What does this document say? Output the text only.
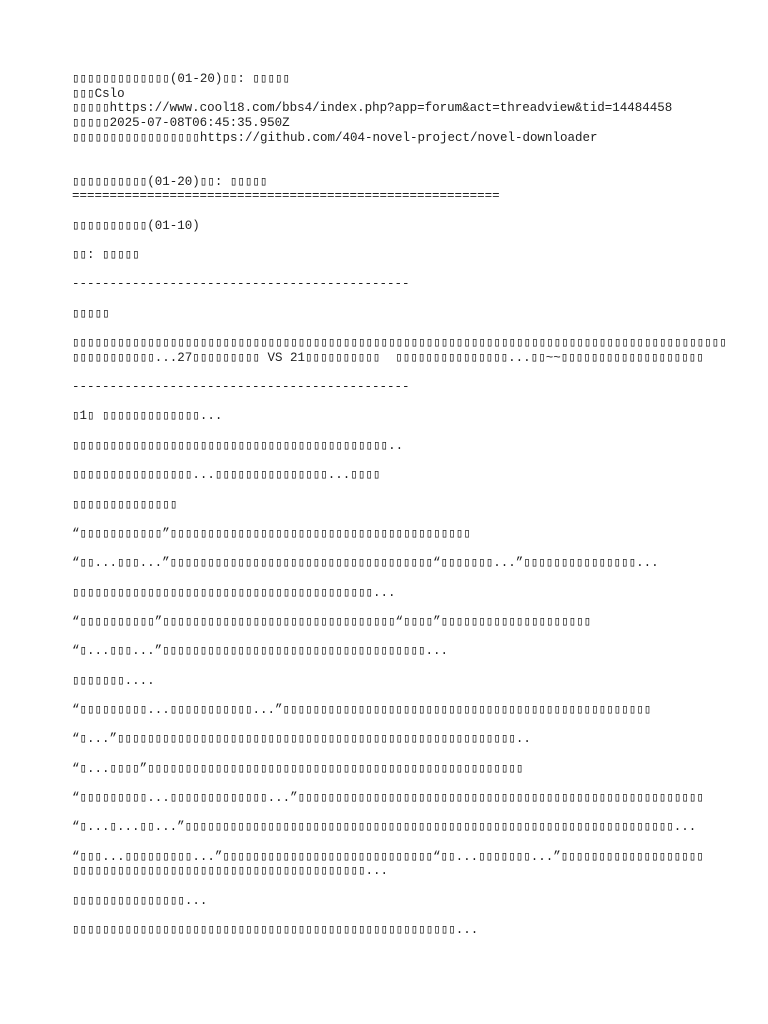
▯▯▯▯▯▯▯▯▯▯▯▯▯(01-20)▯▯: ▯▯▯▯▯
▯▯▯Cslo
▯▯▯▯▯https://www.cool18.com/bbs4/index.php?app=forum&act=threadview&tid=14484458
▯▯▯▯▯2025-07-08T06:45:35.950Z
▯▯▯▯▯▯▯▯▯▯▯▯▯▯▯▯▯https://github.com/404-novel-project/novel-downloader
▯▯▯▯▯▯▯▯▯▯(01-20)▯▯: ▯▯▯▯▯
=========================================================
▯▯▯▯▯▯▯▯▯▯(01-10)
▯▯: ▯▯▯▯▯
---------------------------------------------
▯▯▯▯▯
▯▯▯▯▯▯▯▯▯▯▯▯▯▯▯▯▯▯▯▯▯▯▯▯▯▯▯▯▯▯▯▯▯▯▯▯▯▯▯▯▯▯▯▯▯▯▯▯▯▯▯▯▯▯▯▯▯▯▯▯▯▯▯▯▯▯▯▯▯▯▯▯▯▯▯▯▯▯▯▯▯▯▯▯▯▯▯
▯▯▯▯▯▯▯▯▯▯▯...27▯▯▯▯▯▯▯▯▯ VS 21▯▯▯▯▯▯▯▯▯▯  ▯▯▯▯▯▯▯▯▯▯▯▯▯▯▯...▯▯~~▯▯▯▯▯▯▯▯▯▯▯▯▯▯▯▯▯▯▯
---------------------------------------------
▯1▯ ▯▯▯▯▯▯▯▯▯▯▯▯▯...
▯▯▯▯▯▯▯▯▯▯▯▯▯▯▯▯▯▯▯▯▯▯▯▯▯▯▯▯▯▯▯▯▯▯▯▯▯▯▯▯▯▯..
▯▯▯▯▯▯▯▯▯▯▯▯▯▯▯▯...▯▯▯▯▯▯▯▯▯▯▯▯▯▯▯...▯▯▯▯
▯▯▯▯▯▯▯▯▯▯▯▯▯▯
“▯▯▯▯▯▯▯▯▯▯▯”▯▯▯▯▯▯▯▯▯▯▯▯▯▯▯▯▯▯▯▯▯▯▯▯▯▯▯▯▯▯▯▯▯▯▯▯▯▯▯▯
“▯▯...▯▯▯...”▯▯▯▯▯▯▯▯▯▯▯▯▯▯▯▯▯▯▯▯▯▯▯▯▯▯▯▯▯▯▯▯▯▯▯“▯▯▯▯▯▯▯...”▯▯▯▯▯▯▯▯▯▯▯▯▯▯▯...
▯▯▯▯▯▯▯▯▯▯▯▯▯▯▯▯▯▯▯▯▯▯▯▯▯▯▯▯▯▯▯▯▯▯▯▯▯▯▯▯...
“▯▯▯▯▯▯▯▯▯▯”▯▯▯▯▯▯▯▯▯▯▯▯▯▯▯▯▯▯▯▯▯▯▯▯▯▯▯▯▯▯▯“▯▯▯▯”▯▯▯▯▯▯▯▯▯▯▯▯▯▯▯▯▯▯▯▯
“▯...▯▯▯...”▯▯▯▯▯▯▯▯▯▯▯▯▯▯▯▯▯▯▯▯▯▯▯▯▯▯▯▯▯▯▯▯▯▯▯...
▯▯▯▯▯▯▯....
“▯▯▯▯▯▯▯▯▯...▯▯▯▯▯▯▯▯▯▯▯...”▯▯▯▯▯▯▯▯▯▯▯▯▯▯▯▯▯▯▯▯▯▯▯▯▯▯▯▯▯▯▯▯▯▯▯▯▯▯▯▯▯▯▯▯▯▯▯▯▯
“▯...”▯▯▯▯▯▯▯▯▯▯▯▯▯▯▯▯▯▯▯▯▯▯▯▯▯▯▯▯▯▯▯▯▯▯▯▯▯▯▯▯▯▯▯▯▯▯▯▯▯▯▯▯▯..
“▯...▯▯▯▯”▯▯▯▯▯▯▯▯▯▯▯▯▯▯▯▯▯▯▯▯▯▯▯▯▯▯▯▯▯▯▯▯▯▯▯▯▯▯▯▯▯▯▯▯▯▯▯▯▯▯
“▯▯▯▯▯▯▯▯▯...▯▯▯▯▯▯▯▯▯▯▯▯▯...”▯▯▯▯▯▯▯▯▯▯▯▯▯▯▯▯▯▯▯▯▯▯▯▯▯▯▯▯▯▯▯▯▯▯▯▯▯▯▯▯▯▯▯▯▯▯▯▯▯▯▯▯▯▯
“▯...▯...▯▯...”▯▯▯▯▯▯▯▯▯▯▯▯▯▯▯▯▯▯▯▯▯▯▯▯▯▯▯▯▯▯▯▯▯▯▯▯▯▯▯▯▯▯▯▯▯▯▯▯▯▯▯▯▯▯▯▯▯▯▯▯▯▯▯▯▯...
“▯▯▯...▯▯▯▯▯▯▯▯▯...”▯▯▯▯▯▯▯▯▯▯▯▯▯▯▯▯▯▯▯▯▯▯▯▯▯▯▯▯“▯▯...▯▯▯▯▯▯▯...”▯▯▯▯▯▯▯▯▯▯▯▯▯▯▯▯▯▯▯
▯▯▯▯▯▯▯▯▯▯▯▯▯▯▯▯▯▯▯▯▯▯▯▯▯▯▯▯▯▯▯▯▯▯▯▯▯▯▯...
▯▯▯▯▯▯▯▯▯▯▯▯▯▯▯...
▯▯▯▯▯▯▯▯▯▯▯▯▯▯▯▯▯▯▯▯▯▯▯▯▯▯▯▯▯▯▯▯▯▯▯▯▯▯▯▯▯▯▯▯▯▯▯▯▯▯▯...
